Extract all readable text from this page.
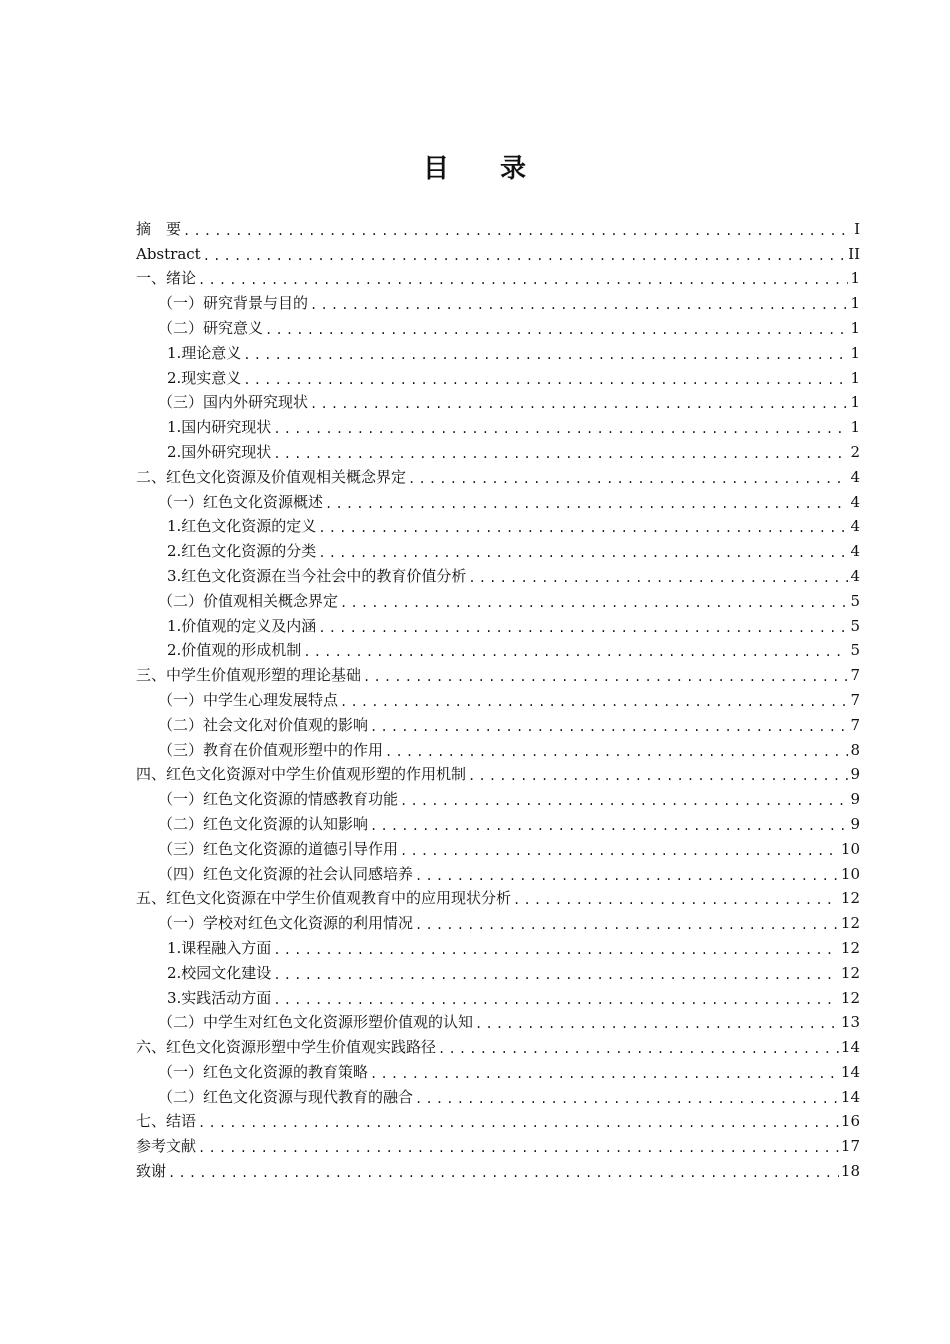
目 录
摘　要 .....	I
Abstract .....	II
一、绪论 .....	1
（一）研究背景与目的 .....	1
（二）研究意义 .....	1
1.理论意义 .....	1
2.现实意义 .....	1
（三）国内外研究现状 .....	1
1.国内研究现状 .....	1
2.国外研究现状 .....	2
二、红色文化资源及价值观相关概念界定 .....	4
（一）红色文化资源概述 .....	4
1.红色文化资源的定义 .....	4
2.红色文化资源的分类 .....	4
3.红色文化资源在当今社会中的教育价值分析 .....	4
（二）价值观相关概念界定 .....	5
1.价值观的定义及内涵 .....	5
2.价值观的形成机制 .....	5
三、中学生价值观形塑的理论基础 .....	7
（一）中学生心理发展特点 .....	7
（二）社会文化对价值观的影响 .....	7
（三）教育在价值观形塑中的作用 .....	8
四、红色文化资源对中学生价值观形塑的作用机制 .....	9
（一）红色文化资源的情感教育功能 .....	9
（二）红色文化资源的认知影响 .....	9
（三）红色文化资源的道德引导作用 .....	10
（四）红色文化资源的社会认同感培养 .....	10
五、红色文化资源在中学生价值观教育中的应用现状分析 .....	12
（一）学校对红色文化资源的利用情况 .....	12
1.课程融入方面 .....	12
2.校园文化建设 .....	12
3.实践活动方面 .....	12
（二）中学生对红色文化资源形塑价值观的认知 .....	13
六、红色文化资源形塑中学生价值观实践路径 .....	14
（一）红色文化资源的教育策略 .....	14
（二）红色文化资源与现代教育的融合 .....	14
七、结语 .....	16
参考文献 .....	17
致谢 .....	18
